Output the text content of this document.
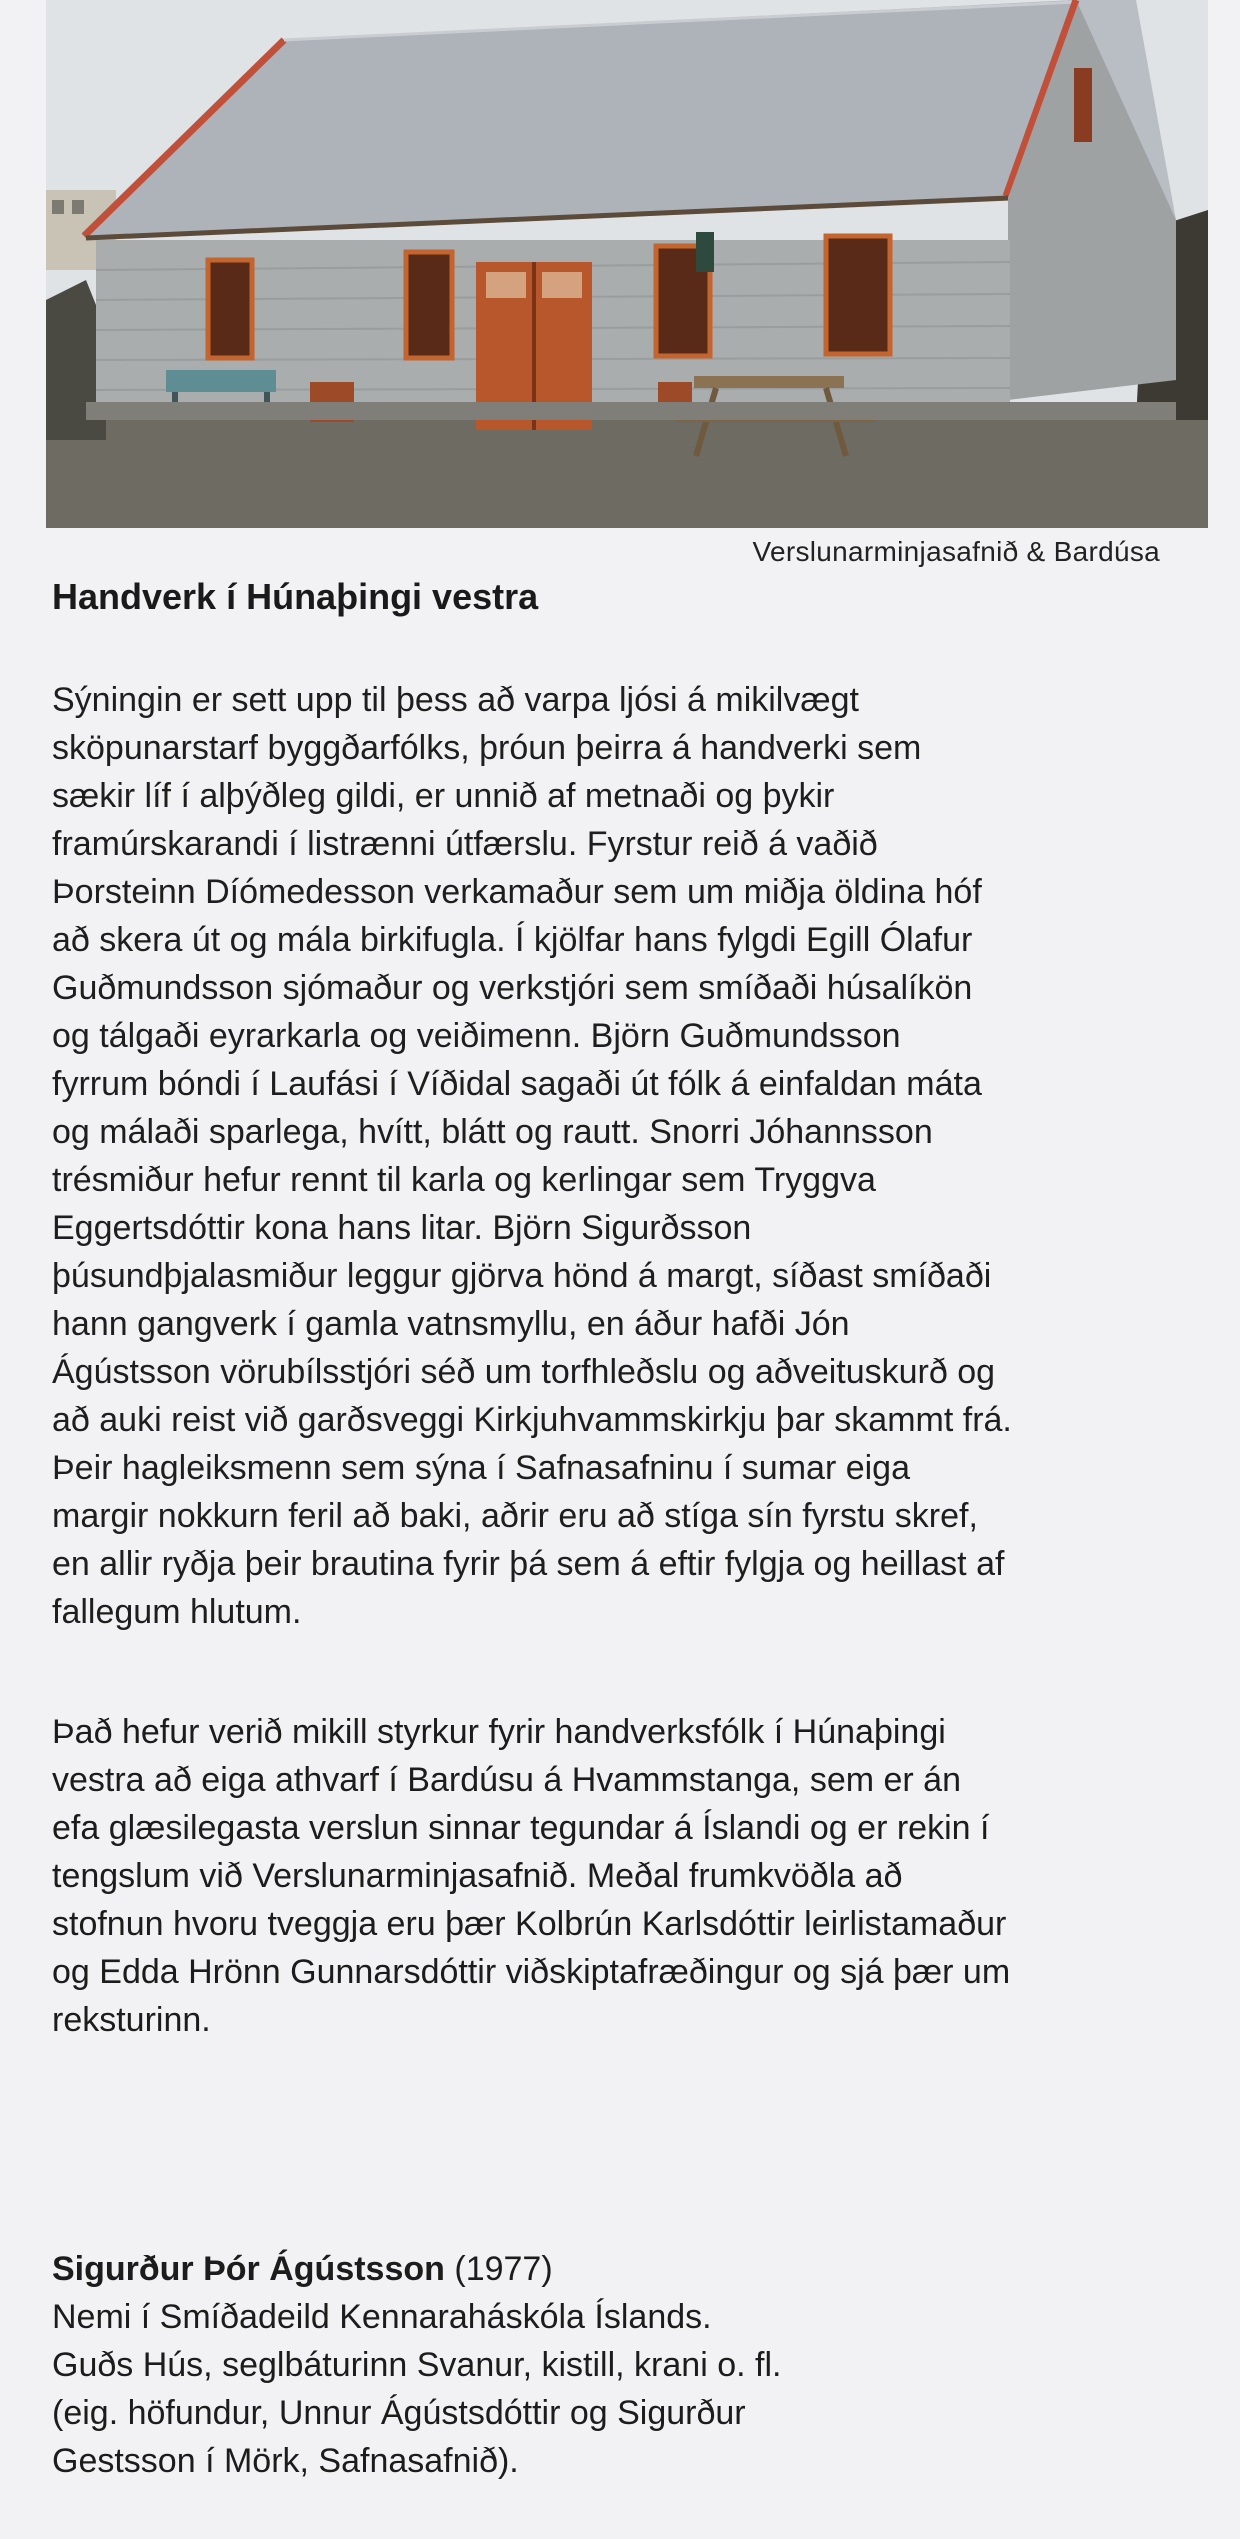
Verslunarminjasafnið & Bardúsa
Handverk í Húnaþingi vestra
Sýningin er sett upp til þess að varpa ljósi á mikilvægt
sköpunarstarf byggðarfólks, þróun þeirra á handverki sem
sækir líf í alþýðleg gildi, er unnið af metnaði og þykir
framúrskarandi í listrænni útfærslu. Fyrstur reið á vaðið
Þorsteinn Díómedesson verkamaður sem um miðja öldina hóf
að skera út og mála birkifugla. Í kjölfar hans fylgdi Egill Ólafur
Guðmundsson sjómaður og verkstjóri sem smíðaði húsalíkön
og tálgaði eyrarkarla og veiðimenn. Björn Guðmundsson
fyrrum bóndi í Laufási í Víðidal sagaði út fólk á einfaldan máta
og málaði sparlega, hvítt, blátt og rautt. Snorri Jóhannsson
trésmiður hefur rennt til karla og kerlingar sem Tryggva
Eggertsdóttir kona hans litar. Björn Sigurðsson
þúsundþjalasmiður leggur gjörva hönd á margt, síðast smíðaði
hann gangverk í gamla vatnsmyllu, en áður hafði Jón
Ágústsson vörubílsstjóri séð um torfhleðslu og aðveituskurð og
að auki reist við garðsveggi Kirkjuhvammskirkju þar skammt frá.
Þeir hagleiksmenn sem sýna í Safnasafninu í sumar eiga
margir nokkurn feril að baki, aðrir eru að stíga sín fyrstu skref,
en allir ryðja þeir brautina fyrir þá sem á eftir fylgja og heillast af
fallegum hlutum.
Það hefur verið mikill styrkur fyrir handverksfólk í Húnaþingi
vestra að eiga athvarf í Bardúsu á Hvammstanga, sem er án
efa glæsilegasta verslun sinnar tegundar á Íslandi og er rekin í
tengslum við Verslunarminjasafnið. Meðal frumkvöðla að
stofnun hvoru tveggja eru þær Kolbrún Karlsdóttir leirlistamaður
og Edda Hrönn Gunnarsdóttir viðskiptafræðingur og sjá þær um
reksturinn.
Sigurður Þór Ágústsson (1977)
Nemi í Smíðadeild Kennaraháskóla Íslands.
Guðs Hús, seglbáturinn Svanur, kistill, krani o. fl.
(eig. höfundur, Unnur Ágústsdóttir og Sigurður
Gestsson í Mörk, Safnasafnið).
